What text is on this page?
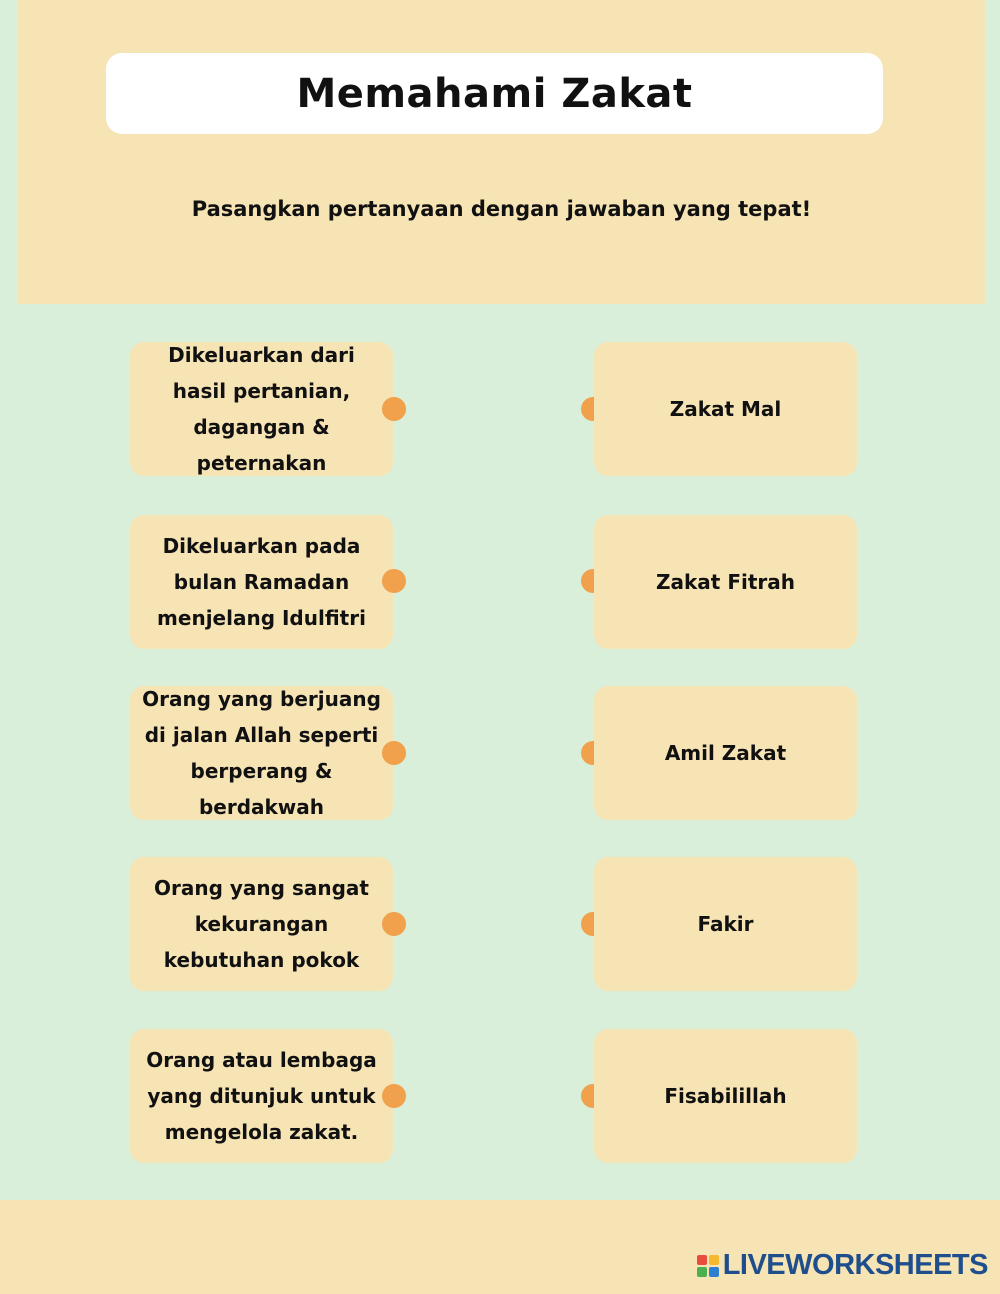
Memahami Zakat
Pasangkan pertanyaan dengan jawaban yang tepat!
Dikeluarkan dari hasil pertanian, dagangan & peternakan
Zakat Mal
Dikeluarkan pada bulan Ramadan menjelang Idulfitri
Zakat Fitrah
Orang yang berjuang di jalan Allah seperti berperang & berdakwah
Amil Zakat
Orang yang sangat kekurangan kebutuhan pokok
Fakir
Orang atau lembaga yang ditunjuk untuk mengelola zakat.
Fisabilillah
LIVEWORKSHEETS
